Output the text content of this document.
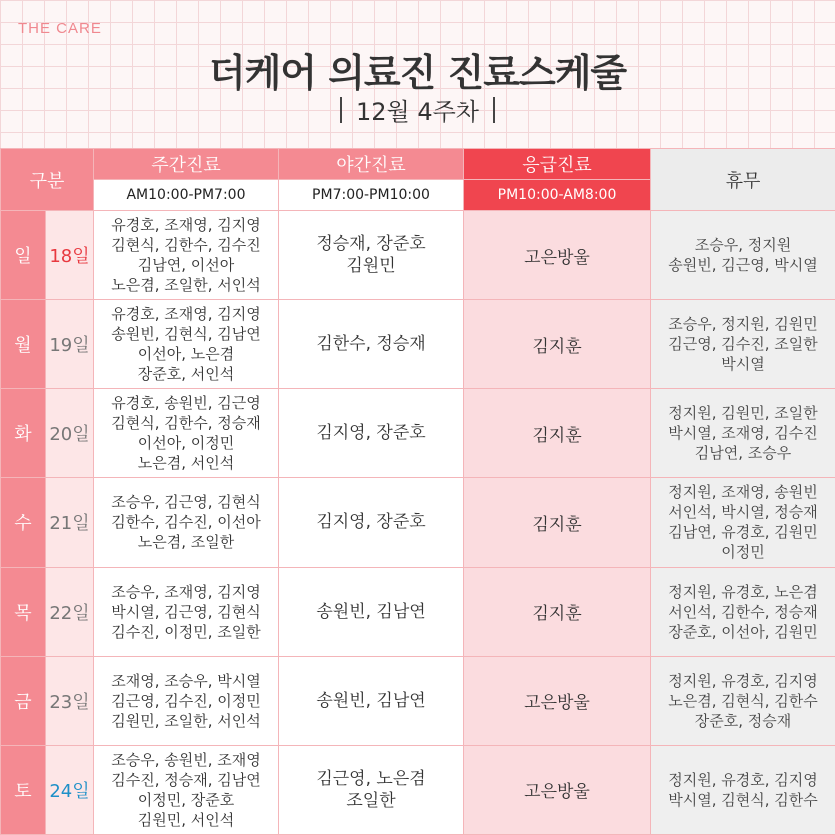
THE CARE
더케어 의료진 진료스케줄
12월 4주차
구분		주간진료	야간진료	응급진료	휴무
		AM10:00-PM7:00	PM7:00-PM10:00	PM10:00-AM8:00	
일	18일	유경호, 조재영, 김지영
김현식, 김한수, 김수진
김남연, 이선아
노은겸, 조일한, 서인석	정승재, 장준호
김원민	고은방울	조승우, 정지원
송원빈, 김근영, 박시열

월	19일	유경호, 조재영, 김지영
송원빈, 김현식, 김남연
이선아, 노은겸
장준호, 서인석	김한수, 정승재	김지훈	조승우, 정지원, 김원민
김근영, 김수진, 조일한
박시열

화	20일	유경호, 송원빈, 김근영
김현식, 김한수, 정승재
이선아, 이정민
노은겸, 서인석	김지영, 장준호	김지훈	정지원, 김원민, 조일한
박시열, 조재영, 김수진
김남연, 조승우

수	21일	조승우, 김근영, 김현식
김한수, 김수진, 이선아
노은겸, 조일한	김지영, 장준호	김지훈	정지원, 조재영, 송원빈
서인석, 박시열, 정승재
김남연, 유경호, 김원민
이정민

목	22일	조승우, 조재영, 김지영
박시열, 김근영, 김현식
김수진, 이정민, 조일한	송원빈, 김남연	김지훈	정지원, 유경호, 노은겸
서인석, 김한수, 정승재
장준호, 이선아, 김원민

금	23일	조재영, 조승우, 박시열
김근영, 김수진, 이정민
김원민, 조일한, 서인석	송원빈, 김남연	고은방울	정지원, 유경호, 김지영
노은겸, 김현식, 김한수
장준호, 정승재

토	24일	조승우, 송원빈, 조재영
김수진, 정승재, 김남연
이정민, 장준호
김원민, 서인석	김근영, 노은겸
조일한	고은방울	정지원, 유경호, 김지영
박시열, 김현식, 김한수
